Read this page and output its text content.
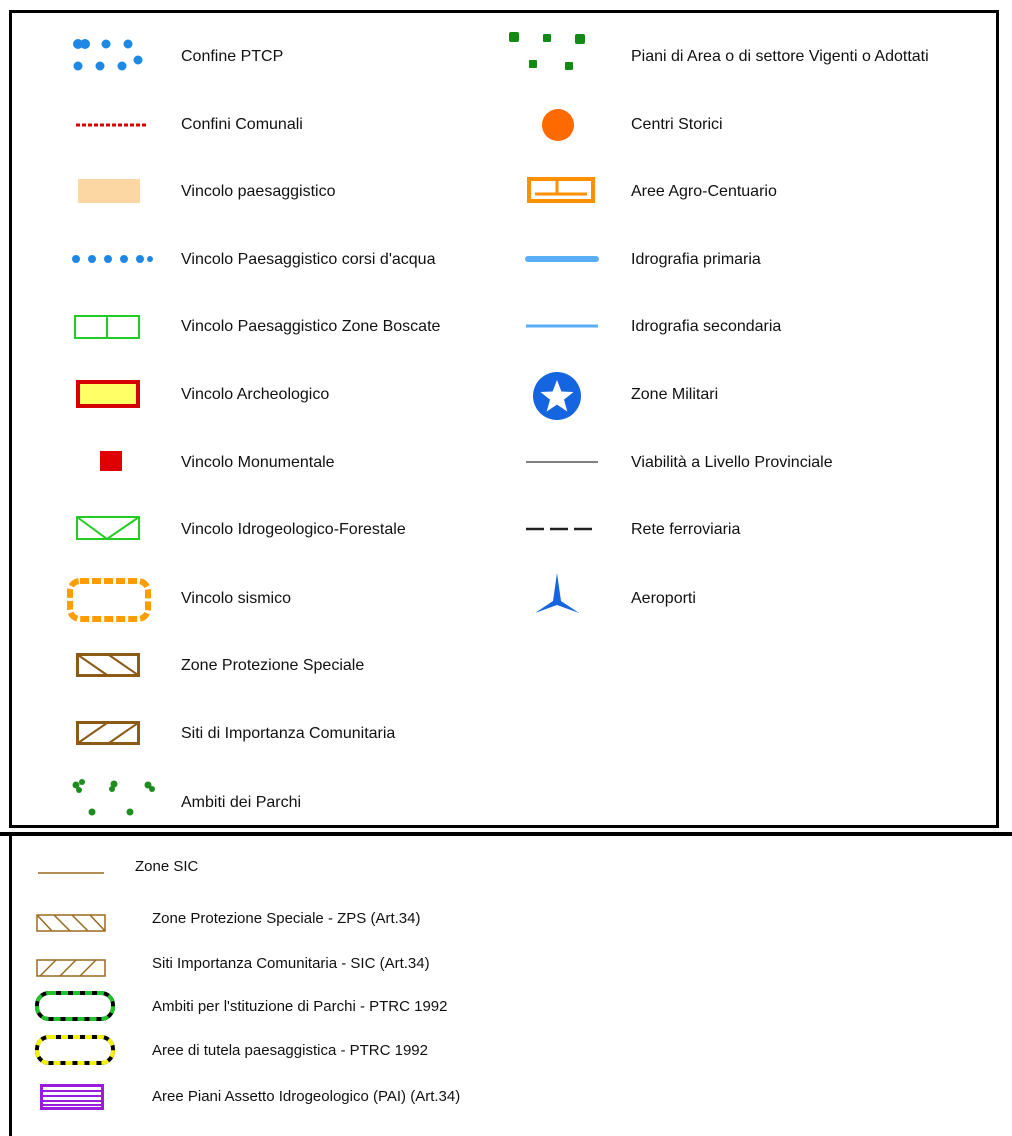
Confine PTCP
Confini Comunali
Vincolo paesaggistico
Vincolo Paesaggistico corsi d'acqua
Vincolo Paesaggistico Zone Boscate
Vincolo Archeologico
Vincolo Monumentale
Vincolo Idrogeologico-Forestale
Vincolo sismico
Zone Protezione Speciale
Siti di Importanza Comunitaria
Ambiti dei Parchi
Piani di Area o di settore Vigenti o Adottati
Centri Storici
Aree Agro-Centuario
Idrografia primaria
Idrografia secondaria
Zone Militari
Viabilità a Livello Provinciale
Rete ferroviaria
Aeroporti
Zone SIC
Zone Protezione Speciale - ZPS (Art.34)
Siti Importanza Comunitaria - SIC (Art.34)
Ambiti per l'stituzione di Parchi - PTRC 1992
Aree di tutela paesaggistica - PTRC 1992
Aree Piani Assetto Idrogeologico (PAI) (Art.34)
